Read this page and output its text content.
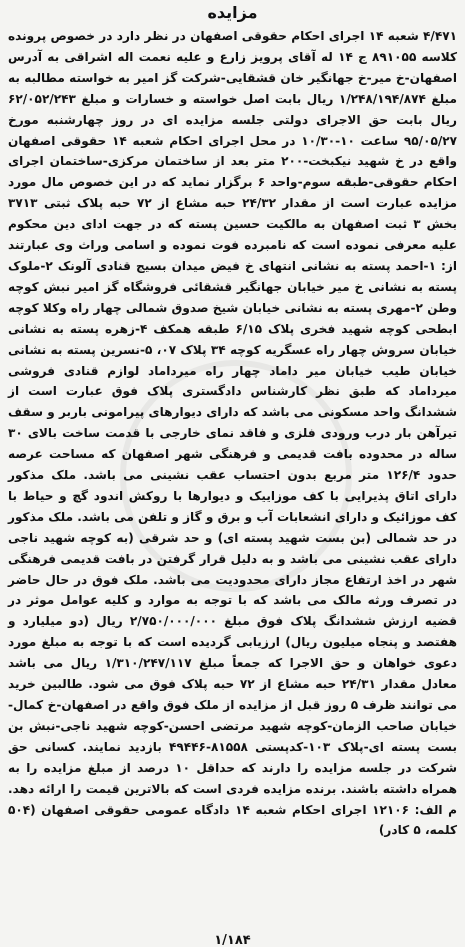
مزایده

۴/۴۷۱ شعبه ۱۴ اجرای احکام حقوقی اصفهان در نظر دارد در خصوص پرونده کلاسه ۸۹۱۰۵۵ ج ۱۴ له آقای پرویز زارع و علیه نعمت اله اشراقی به آدرس اصفهان-خ میر-خ جهانگیر خان قشقایی-شرکت گز امیر به خواسته مطالبه به مبلغ ۱/۲۴۸/۱۹۴/۸۷۴ ریال بابت اصل خواسته و خسارات و مبلغ ۶۲/۰۵۲/۲۴۳ ریال بابت حق الاجرای دولتی جلسه مزایده ای در روز چهارشنبه مورخ ۹۵/۰۵/۲۷ ساعت ۱۰-۱۰/۳۰ در محل اجرای احکام شعبه ۱۴ حقوقی اصفهان واقع در خ شهید نیکبخت-۲۰۰ متر بعد از ساختمان مرکزی-ساختمان اجرای احکام حقوقی-طبقه سوم-واحد ۶ برگزار نماید که در این خصوص مال مورد مزایده عبارت است از مقدار ۲۴/۳۲ حبه مشاع از ۷۲ حبه پلاک ثبتی ۳۷۱۳ بخش ۳ ثبت اصفهان به مالکیت حسین پسته که در جهت ادای دین محکوم علیه معرفی نموده است که نامبرده فوت نموده و اسامی وراث وی عبارتند از: ۱-احمد پسته به نشانی انتهای خ فیض میدان بسیج قنادی آلونک ۲-ملوک پسته به نشانی خ میر خیابان جهانگیر قشقائی فروشگاه گز امیر نبش کوچه وطن ۲-مهری پسته به نشانی خیابان شیخ صدوق شمالی چهار راه وکلا کوچه ابطحی کوچه شهید فخری پلاک ۶/۱۵ طبقه همکف ۴-زهره پسته به نشانی خیابان سروش چهار راه عسگریه کوچه ۳۴ پلاک ۰۷، ۵-نسرین پسته به نشانی خیابان طیب خیابان میر داماد چهار راه میرداماد لوازم قنادی فروشی میرداماد که طبق نظر کارشناس دادگستری پلاک فوق عبارت است از ششدانگ واحد مسکونی می باشد که دارای دیوارهای پیرامونی باربر و سقف تیرآهن بار درب ورودی فلزی و فاقد نمای خارجی با قدمت ساخت بالای ۳۰ ساله در محدوده بافت قدیمی و فرهنگی شهر اصفهان که مساحت عرصه حدود ۱۲۶/۴ متر مربع بدون احتساب عقب نشینی می باشد. ملک مذکور دارای اتاق پذیرایی با کف موزاییک و دیوارها با روکش اندود گچ و حیاط با کف موزائیک و دارای انشعابات آب و برق و گاز و تلفن می باشد. ملک مذکور در حد شمالی (بن بست شهید پسته ای) و حد شرقی (به کوچه شهید ناجی دارای عقب نشینی می باشد و به دلیل قرار گرفتن در بافت قدیمی فرهنگی شهر در اخذ ارتفاع مجاز دارای محدودیت می باشد. ملک فوق در حال حاضر در تصرف ورثه مالک می باشد که با توجه به موارد و کلیه عوامل موثر در قضیه ارزش ششدانگ پلاک فوق مبلغ ۲/۷۵۰/۰۰۰/۰۰۰ ریال (دو میلیارد و هفتصد و پنجاه میلیون ریال) ارزیابی گردیده است که با توجه به مبلغ مورد دعوی خواهان و حق الاجرا که جمعاً مبلغ ۱/۳۱۰/۲۴۷/۱۱۷ ریال می باشد معادل مقدار ۲۴/۳۱ حبه مشاع از ۷۲ حبه پلاک فوق می شود. طالبین خرید می توانند ظرف ۵ روز قبل از مزایده از ملک فوق واقع در اصفهان-خ کمال-خیابان صاحب الزمان-کوچه شهید مرتضی احسن-کوچه شهید ناجی-نبش بن بست پسته ای-پلاک ۱۰۳-کدپستی ۸۱۵۵۸-۴۹۴۴۶ بازدید نمایند. کسانی حق شرکت در جلسه مزایده را دارند که حداقل ۱۰ درصد از مبلغ مزایده را به همراه داشته باشند. برنده مزایده فردی است که بالاترین قیمت را ارائه دهد. م الف: ۱۲۱۰۶ اجرای احکام شعبه ۱۴ دادگاه عمومی حقوقی اصفهان (۵۰۴ کلمه، ۵ کادر)

۱/۱۸۴
